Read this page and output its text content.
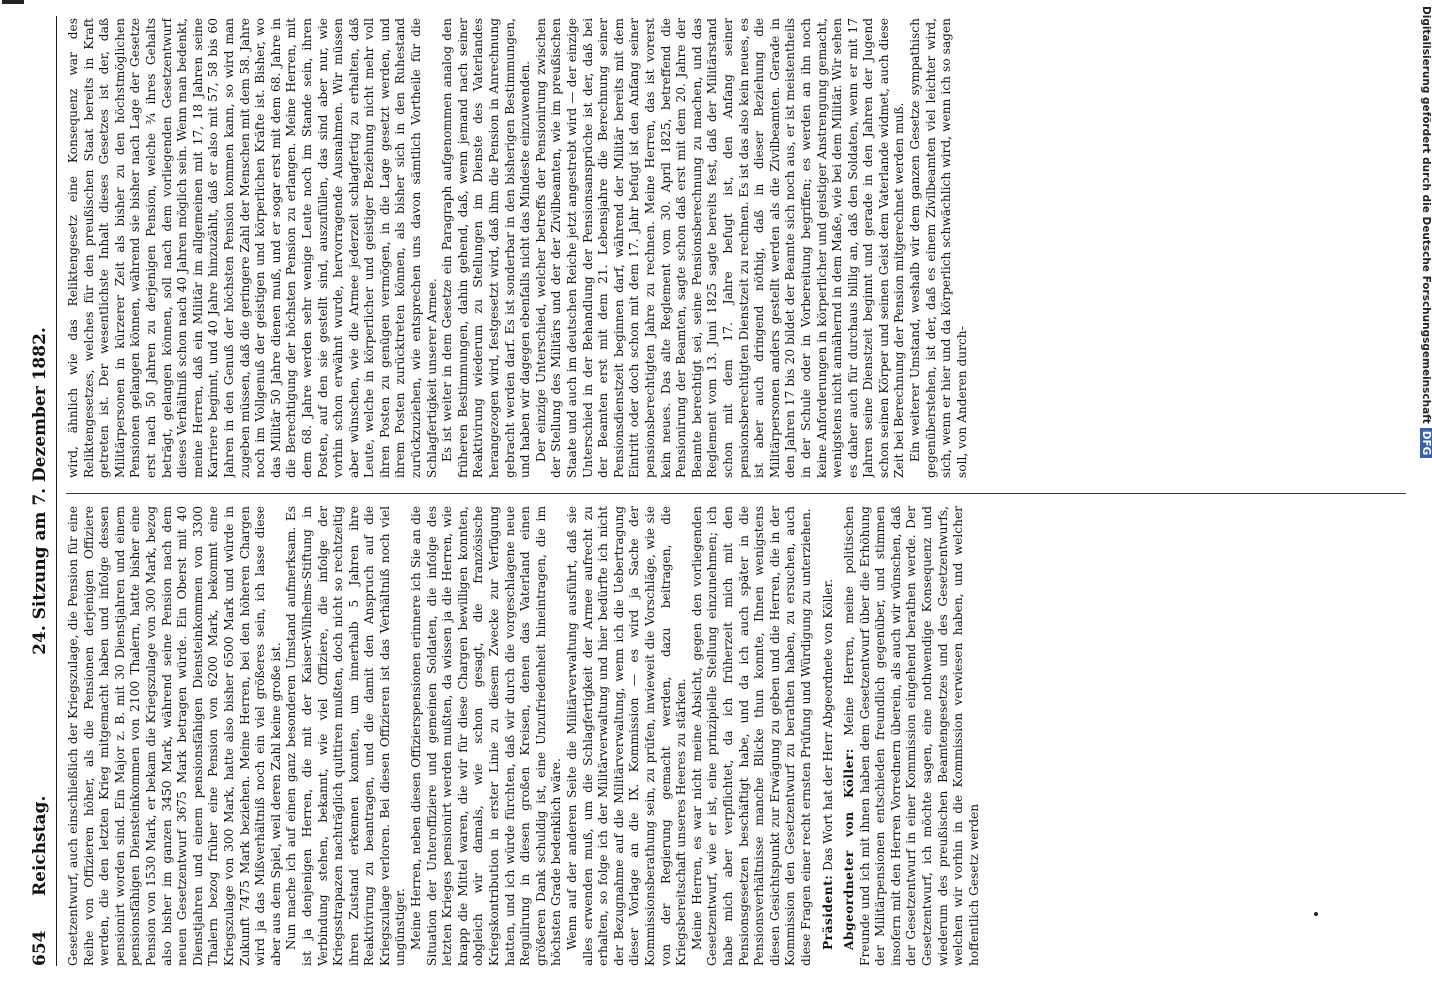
654
Reichstag.
24. Sitzung am 7. Dezember 1882.

Gesetzentwurf, auch einschließlich der Kriegszulage, die Pension für eine Reihe von Offizieren höher, als die Pensionen derjenigen Offiziere werden, die den letzten Krieg mitgemacht haben und infolge dessen pensionirt worden sind. Ein Major z. B. mit 30 Dienstjahren und einem pensionsfähigen Diensteinkommen von 2100 Thalern, hatte bisher eine Pension von 1530 Mark, er bekam die Kriegszulage von 300 Mark, bezog also bisher im ganzen 3450 Mark, während seine Pension nach dem neuen Gesetzentwurf 3675 Mark betragen würde. Ein Oberst mit 40 Dienstjahren und einem pensionsfähigen Diensteinkommen von 3300 Thalern bezog früher eine Pension von 6200 Mark, bekommt eine Kriegszulage von 300 Mark, hatte also bisher 6500 Mark und würde in Zukunft 7475 Mark beziehen. Meine Herren, bei den höheren Chargen wird ja das Mißverhältniß noch ein viel größeres sein, ich lasse diese aber aus dem Spiel, weil deren Zahl keine große ist. Nun mache ich auf einen ganz besonderen Umstand aufmerksam. Es ist ja denjenigen Herren, die mit der Kaiser-Wilhelms-Stiftung in Verbindung stehen, bekannt, wie viel Offiziere, die infolge der Kriegsstrapazen nachträglich quittiren mußten, doch nicht so rechtzeitig ihren Zustand erkennen konnten, um innerhalb 5 Jahren ihre Reaktivirung zu beantragen, und die damit den Anspruch auf die Kriegszulage verloren. Bei diesen Offizieren ist das Verhältniß noch viel ungünstiger. Meine Herren, neben diesen Offizierspensionen erinnere ich Sie an die Situation der Unteroffiziere und gemeinen Soldaten, die infolge des letzten Krieges pensionirt werden mußten, da wissen ja die Herren, wie knapp die Mittel waren, die wir für diese Chargen bewilligen konnten, obgleich wir damals, wie schon gesagt, die französische Kriegskontribution in erster Linie zu diesem Zwecke zur Verfügung hatten, und ich würde fürchten, daß wir durch die vorgeschlagene neue Regulirung in diesen großen Kreisen, denen das Vaterland einen größeren Dank schuldig ist, eine Unzufriedenheit hineintragen, die im höchsten Grade bedenklich wäre. Wenn auf der anderen Seite die Militärverwaltung ausführt, daß sie alles erwenden muß, um die Schlagfertigkeit der Armee aufrecht zu erhalten, so folge ich der Militärverwaltung und hier bedürfte ich nicht der Bezugnahme auf die Militärverwaltung, wenn ich die Uebertragung dieser Vorlage an die IX. Kommission — es wird ja Sache der Kommissionsberathung sein, zu prüfen, inwieweit die Vorschläge, wie sie von der Regierung gemacht werden, dazu beitragen, die Kriegsbereitschaft unseres Heeres zu stärken. Meine Herren, es war nicht meine Absicht, gegen den vorliegenden Gesetzentwurf, wie er ist, eine prinzipielle Stellung einzunehmen; ich habe mich aber verpflichtet, da ich früherzeit mich mit den Pensionsgesetzen beschäftigt habe, und da ich auch später in die Pensionsverhältnisse manche Blicke thun konnte, Ihnen wenigstens diesen Gesichtspunkt zur Erwägung zu geben und die Herren, die in der Kommission den Gesetzentwurf zu berathen haben, zu ersuchen, auch diese Fragen einer recht ernsten Prüfung und Würdigung zu unterziehen. Präsident: Das Wort hat der Herr Abgeordnete von Köller. Abgeordneter von Köller: Meine Herren, meine politischen Freunde und ich mit ihnen haben dem Gesetzentwurf über die Erhöhung der Militärpensionen entschieden freundlich gegenüber, und stimmen insofern mit den Herren Vorrednern überein, als auch wir wünschen, daß der Gesetzentwurf in einer Kommission eingehend berathen werde. Der Gesetzentwurf, ich möchte sagen, eine nothwendige Konsequenz und wiederum des preußischen Beamtengesetzes und des Gesetzentwurfs, welchen wir vorhin in die Kommission verwiesen haben, und welcher hoffentlich Gesetz werden

wird, ähnlich wie das Reliktengesetz eine Konsequenz war des Reliktengesetzes, welches für den preußischen Staat bereits in Kraft getreten ist. Der wesentlichste Inhalt dieses Gesetzes ist der, daß Militärpersonen in kürzerer Zeit als bisher zu den höchstmöglichen Pensionen gelangen können, während sie bisher nach Lage der Gesetze erst nach 50 Jahren zu derjenigen Pension, welche ¾ ihres Gehalts beträgt, gelangen können, soll nach dem vorliegenden Gesetzentwurf dieses Verhältniß schon nach 40 Jahren möglich sein. Wenn man bedenkt, meine Herren, daß ein Militär im allgemeinen mit 17, 18 Jahren seine Karriere beginnt, und 40 Jahre hinzuzählt, daß er also mit 57, 58 bis 60 Jahren in den Genuß der höchsten Pension kommen kann, so wird man zugeben müssen, daß die geringere Zahl der Menschen mit dem 58. Jahre noch im Vollgenuß der geistigen und körperlichen Kräfte ist. Bisher, wo das Militär 50 Jahre dienen muß, und er sogar erst mit dem 68. Jahre in die Berechtigung der höchsten Pension zu erlangen. Meine Herren, mit dem 68. Jahre werden sehr wenige Leute noch im Stande sein, ihren Posten, auf den sie gestellt sind, auszufüllen, das sind aber nur, wie vorhin schon erwähnt wurde, hervorragende Ausnahmen. Wir müssen aber wünschen, wie die Armee jederzeit schlagfertig zu erhalten, daß Leute, welche in körperlicher und geistiger Beziehung nicht mehr voll ihren Posten zu genügen vermögen, in die Lage gesetzt werden, und ihrem Posten zurücktreten können, als bisher sich in den Ruhestand zurückzuziehen, wie entsprechen uns davon sämtlich Vortheile für die Schlagfertigkeit unserer Armee. Es ist weiter in dem Gesetze ein Paragraph aufgenommen analog den früheren Bestimmungen, dahin gehend, daß, wenn jemand nach seiner Reaktivirung wiederum zu Stellungen im Dienste des Vaterlandes herangezogen wird, festgesetzt wird, daß ihm die Pension in Anrechnung gebracht werden darf. Es ist sonderbar in den bisherigen Bestimmungen, und haben wir dagegen ebenfalls nicht das Mindeste einzuwenden. Der einzige Unterschied, welcher betreffs der Pensionirung zwischen der Stellung des Militärs und der der Zivilbeamten, wie im preußischen Staate und auch im deutschen Reiche jetzt angestrebt wird — der einzige Unterschied in der Behandlung der Pensionsansprüche ist der, daß bei der Beamten erst mit dem 21. Lebensjahre die Berechnung seiner Pensionsdienstzeit beginnen darf, während der Militär bereits mit dem Eintritt oder doch schon mit dem 17. Jahr befugt ist den Anfang seiner pensionsberechtigten Jahre zu rechnen. Meine Herren, das ist vorerst kein neues. Das alte Reglement vom 30. April 1825, betreffend die Pensionirung der Beamten, sagte schon daß erst mit dem 20. Jahre der Beamte berechtigt sei, seine Pensionsberechnung zu machen, und das Reglement vom 13. Juni 1825 sagte bereits fest, daß der Militärstand schon mit dem 17. Jahre befugt ist, den Anfang seiner pensionsberechtigten Dienstzeit zu rechnen. Es ist das also kein neues, es ist aber auch dringend nöthig, daß in dieser Beziehung die Militärpersonen anders gestellt werden als die Zivilbeamten. Gerade in den Jahren 17 bis 20 bildet der Beamte sich noch aus, er ist meistentheils in der Schule oder in Vorbereitung begriffen; es werden an ihn noch keine Anforderungen in körperlicher und geistiger Anstrengung gemacht, wenigstens nicht annähernd in dem Maße, wie bei dem Militär. Wir sehen es daher auch für durchaus billig an, daß den Soldaten, wenn er mit 17 Jahren seine Dienstzeit beginnt und gerade in den Jahren der Jugend schon seinen Körper und seinen Geist dem Vaterlande widmet, auch diese Zeit bei Berechnung der Pension mitgerechnet werden muß. Ein weiterer Umstand, weshalb wir dem ganzen Gesetze sympathisch gegenüberstehen, ist der, daß es einem Zivilbeamten viel leichter wird, sich, wenn er hier und da körperlich schwächlich wird, wenn ich so sagen soll, von Anderen durch-	Digitalisierung gefördert durch die Deutsche ForschungsgemeinschaftDFG
